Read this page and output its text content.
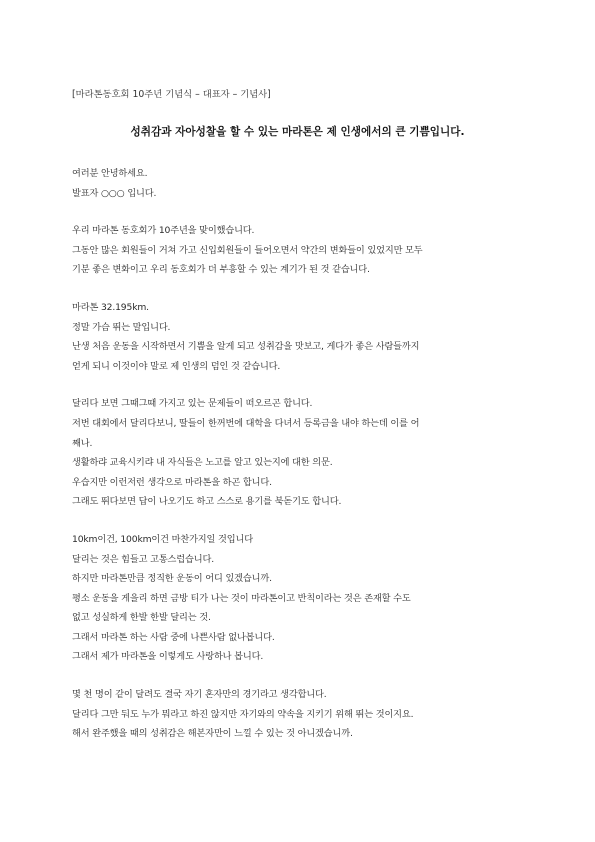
[마라톤동호회 10주년 기념식 – 대표자 – 기념사]
성취감과 자아성찰을 할 수 있는 마라톤은 제 인생에서의 큰 기쁨입니다.
여러분 안녕하세요.
발표자 ○○○ 입니다.
우리 마라톤 동호회가 10주년을 맞이했습니다.
그동안 많은 회원들이 거쳐 가고 신입회원들이 들어오면서 약간의 변화들이 있었지만 모두
기분 좋은 변화이고 우리 동호회가 더 부흥할 수 있는 계기가 된 것 같습니다.
마라톤 32.195km.
정말 가슴 뛰는 말입니다.
난생 처음 운동을 시작하면서 기쁨을 알게 되고 성취감을 맛보고, 게다가 좋은 사람들까지
얻게 되니 이것이야 말로 제 인생의 덤인 것 같습니다.
달리다 보면 그때그때 가지고 있는 문제들이 떠오르곤 합니다.
저번 대회에서 달리다보니, 딸들이 한꺼번에 대학을 다녀서 등록금을 내야 하는데 이를 어
째나.
생활하랴 교육시키랴 내 자식들은 노고를 알고 있는지에 대한 의문.
우습지만 이런저런 생각으로 마라톤을 하곤 합니다.
그래도 뛰다보면 답이 나오기도 하고 스스로 용기를 북돋기도 합니다.
10km이건, 100km이건 마찬가지일 것입니다
달리는 것은 힘들고 고통스럽습니다.
하지만 마라톤만큼 정직한 운동이 어디 있겠습니까.
평소 운동을 게을리 하면 금방 티가 나는 것이 마라톤이고 반칙이라는 것은 존재할 수도
없고 성실하게 한발 한발 달리는 것.
그래서 마라톤 하는 사람 중에 나쁜사람 없나봅니다.
그래서 제가 마라톤을 이렇게도 사랑하나 봅니다.
몇 천 명이 같이 달려도 결국 자기 혼자만의 경기라고 생각합니다.
달리다 그만 둬도 누가 뭐라고 하진 않지만 자기와의 약속을 지키기 위해 뛰는 것이지요.
해서 완주했을 때의 성취감은 해본자만이 느낄 수 있는 것 아니겠습니까.
